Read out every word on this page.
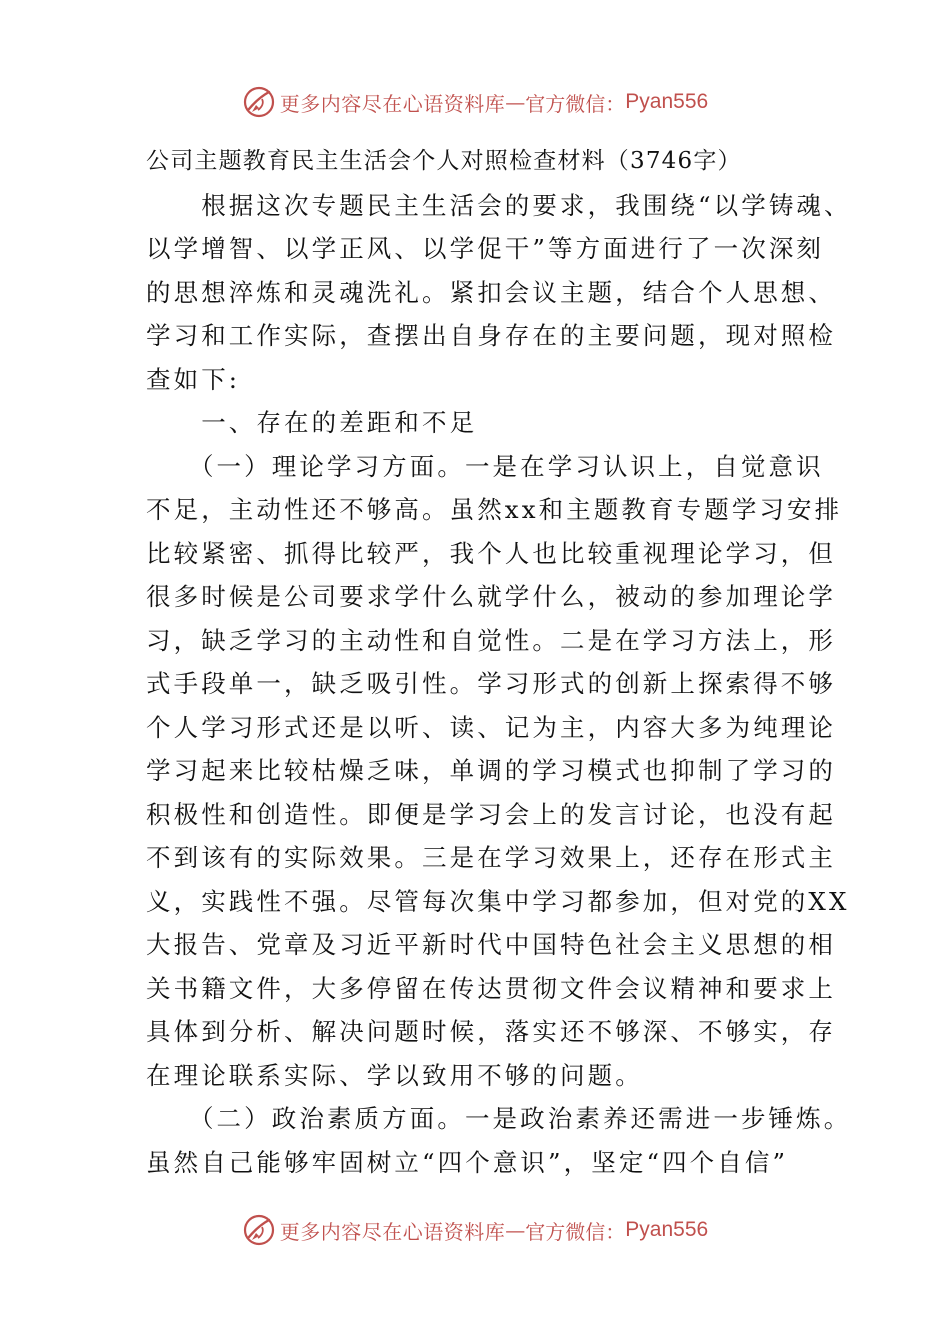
更多内容尽在心语资料库 — 官方微信： Pyan556
公司主题教育民主生活会个人对照检查材料（3746字）
　　根据这次专题民主生活会的要求，我围绕“以学铸魂、
以学增智、以学正风、以学促干”等方面进行了一次深刻
的思想淬炼和灵魂洗礼。紧扣会议主题，结合个人思想、
学习和工作实际，查摆出自身存在的主要问题，现对照检
查如下:
　　一、存在的差距和不足
　　（一）理论学习方面。一是在学习认识上，自觉意识
不足，主动性还不够高。虽然xx和主题教育专题学习安排
比较紧密、抓得比较严，我个人也比较重视理论学习，但
很多时候是公司要求学什么就学什么，被动的参加理论学
习，缺乏学习的主动性和自觉性。二是在学习方法上，形
式手段单一，缺乏吸引性。学习形式的创新上探索得不够
个人学习形式还是以听、读、记为主，内容大多为纯理论
学习起来比较枯燥乏味，单调的学习模式也抑制了学习的
积极性和创造性。即便是学习会上的发言讨论，也没有起
不到该有的实际效果。三是在学习效果上，还存在形式主
义，实践性不强。尽管每次集中学习都参加，但对党的XX
大报告、党章及习近平新时代中国特色社会主义思想的相
关书籍文件，大多停留在传达贯彻文件会议精神和要求上
具体到分析、解决问题时候，落实还不够深、不够实，存
在理论联系实际、学以致用不够的问题。
　　（二）政治素质方面。一是政治素养还需进一步锤炼。
虽然自己能够牢固树立“四个意识”，坚定“四个自信”
更多内容尽在心语资料库 — 官方微信： Pyan556
